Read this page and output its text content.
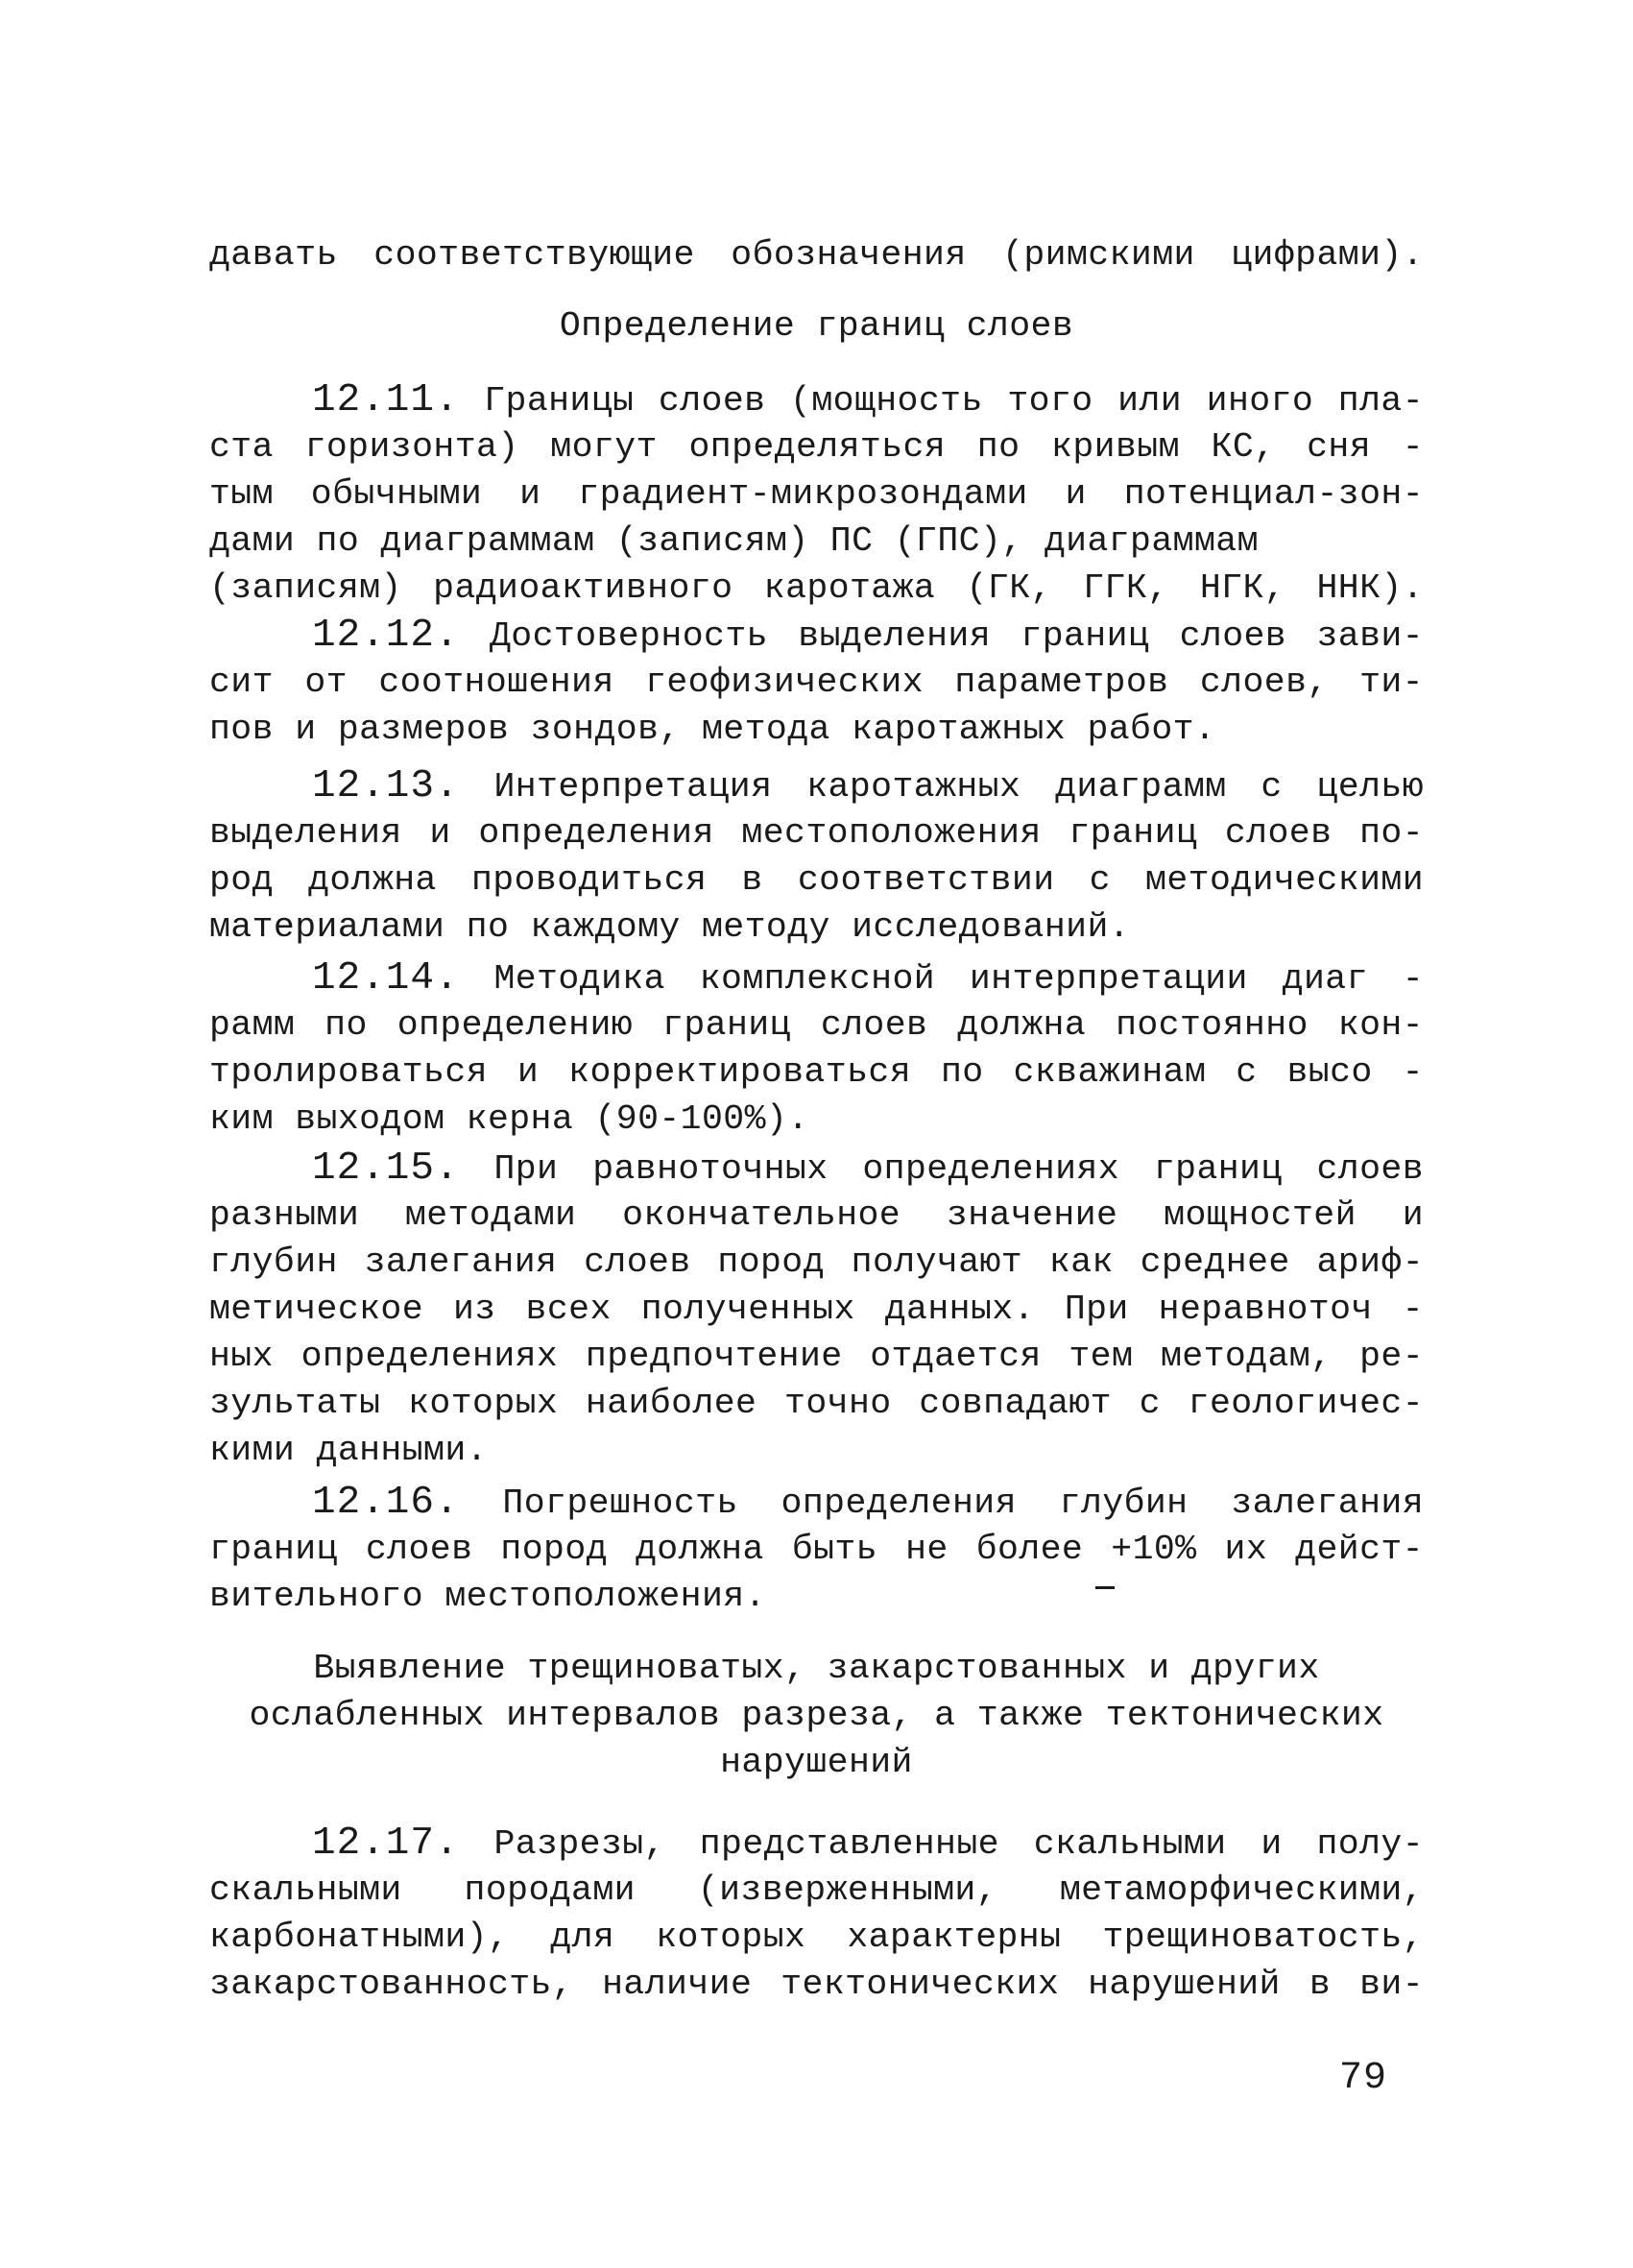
давать соответствующие обозначения (римскими цифрами).
Определение границ слоев
12.11. Границы слоев (мощность того или иного пла-
ста горизонта) могут определяться по кривым КС, сня -
тым обычными и градиент-микрозондами и потенциал-зон-
дами по диаграммам (записям) ПС (ГПС), диаграммам
(записям) радиоактивного каротажа (ГК, ГГК, НГК, ННК).
12.12. Достоверность выделения границ слоев зави-
сит от соотношения геофизических параметров слоев, ти-
пов и размеров зондов, метода каротажных работ.
12.13. Интерпретация каротажных диаграмм с целью
выделения и определения местоположения границ слоев по-
род должна проводиться в соответствии с методическими
материалами по каждому методу исследований.
12.14. Методика комплексной интерпретации диаг -
рамм по определению границ слоев должна постоянно кон-
тролироваться и корректироваться по скважинам с высо -
ким выходом керна (90-100%).
12.15. При равноточных определениях границ слоев
разными методами окончательное значение мощностей и
глубин залегания слоев пород получают как среднее ариф-
метическое из всех полученных данных. При неравноточ -
ных определениях предпочтение отдается тем методам, ре-
зультаты которых наиболее точно совпадают с геологичес-
кими данными.
12.16. Погрешность определения глубин залегания
границ слоев пород должна быть не более +10% их дейст-
вительного местоположения.
Выявление трещиноватых, закарстованных и других
ослабленных интервалов разреза, а также тектонических
нарушений
12.17. Разрезы, представленные скальными и полу-
скальными породами (изверженными, метаморфическими,
карбонатными), для которых характерны трещиноватость,
закарстованность, наличие тектонических нарушений в ви-
79
